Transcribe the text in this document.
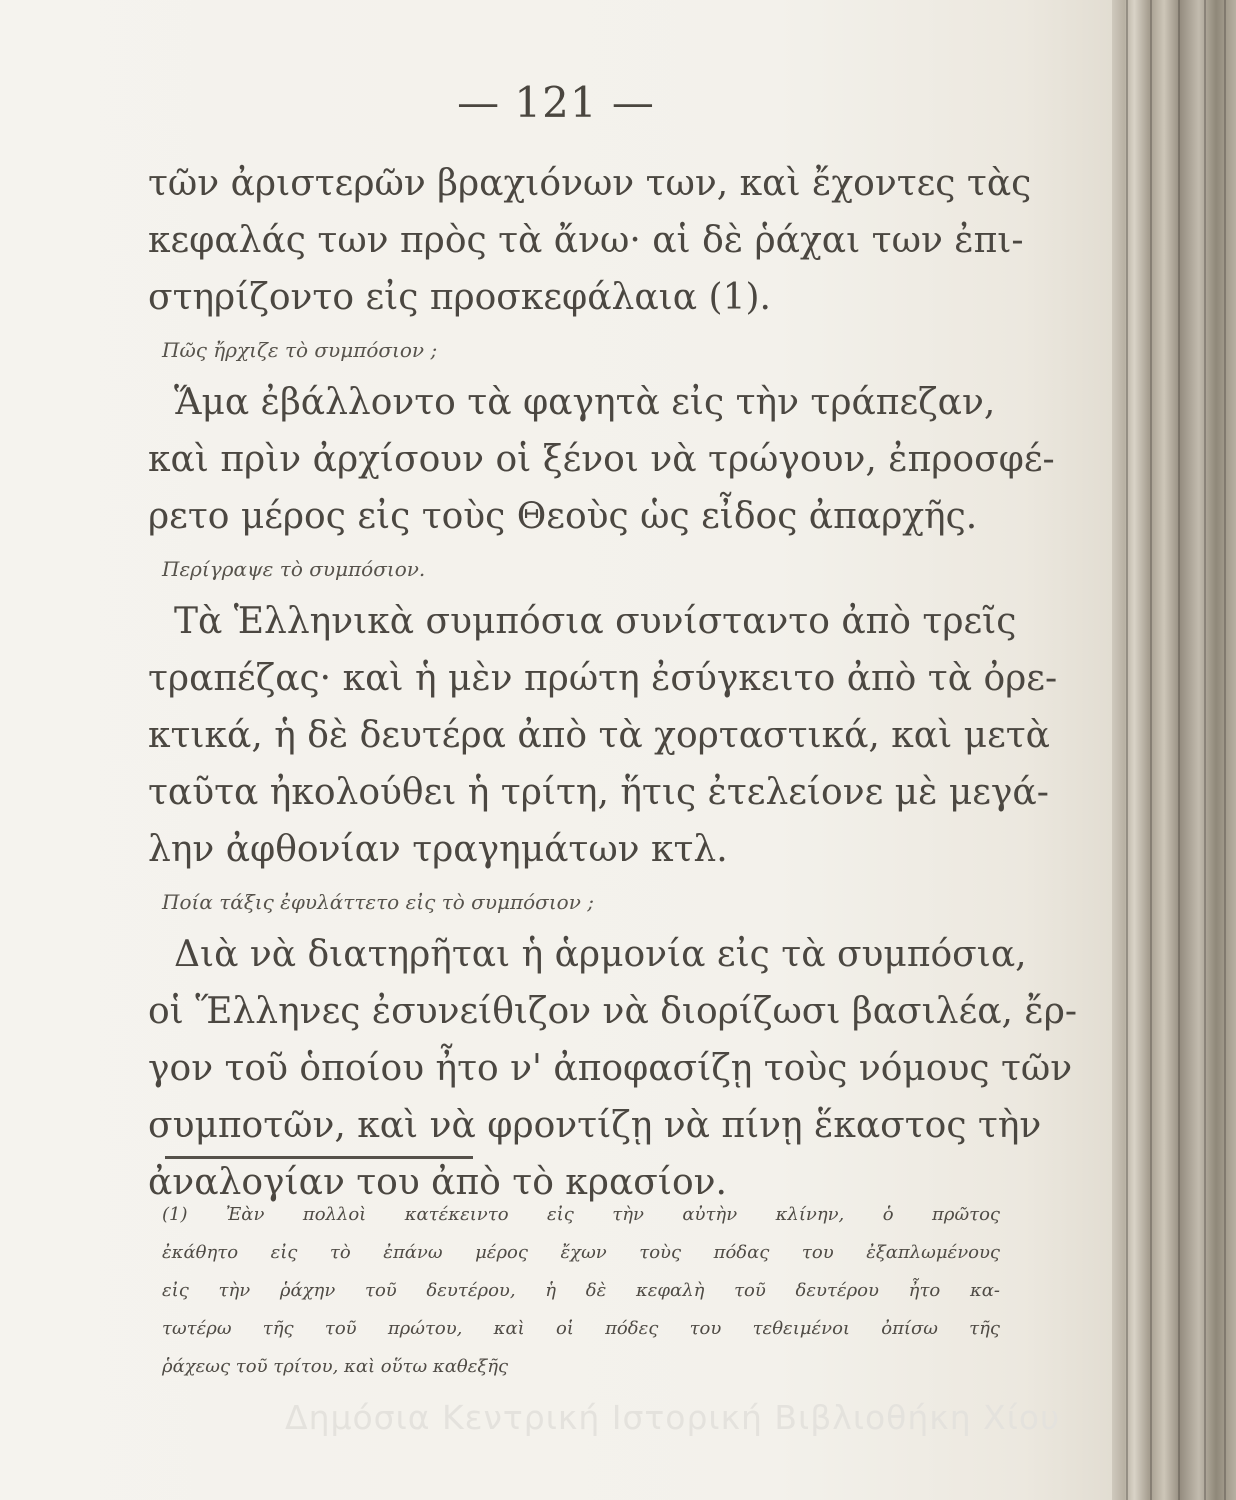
— 121 —
τῶν ἀριστερῶν βραχιόνων των, καὶ ἔχοντες τὰς
κεφαλάς των πρὸς τὰ ἄνω· αἱ δὲ ῥάχαι των ἐπι-
στηρίζοντο εἰς προσκεφάλαια (1).
Πῶς ἤρχιζε τὸ συμπόσιον ;
Ἅμα ἐβάλλοντο τὰ φαγητὰ εἰς τὴν τράπεζαν,
καὶ πρὶν ἀρχίσουν οἱ ξένοι νὰ τρώγουν, ἐπροσφέ-
ρετο μέρος εἰς τοὺς Θεοὺς ὡς εἶδος ἀπαρχῆς.
Περίγραψε τὸ συμπόσιον.
Τὰ Ἑλληνικὰ συμπόσια συνίσταντο ἀπὸ τρεῖς
τραπέζας· καὶ ἡ μὲν πρώτη ἐσύγκειτο ἀπὸ τὰ ὀρε-
κτικά, ἡ δὲ δευτέρα ἀπὸ τὰ χορταστικά, καὶ μετὰ
ταῦτα ἠκολούθει ἡ τρίτη, ἥτις ἐτελείονε μὲ μεγά-
λην ἀφθονίαν τραγημάτων κτλ.
Ποία τάξις ἐφυλάττετο εἰς τὸ συμπόσιον ;
Διὰ νὰ διατηρῆται ἡ ἁρμονία εἰς τὰ συμπόσια,
οἱ Ἕλληνες ἐσυνείθιζον νὰ διορίζωσι βασιλέα, ἔρ-
γον τοῦ ὁποίου ἦτο ν' ἀποφασίζῃ τοὺς νόμους τῶν
συμποτῶν, καὶ νὰ φροντίζῃ νὰ πίνῃ ἕκαστος τὴν
ἀναλογίαν του ἀπὸ τὸ κρασίον.
(1) Ἐὰν πολλοὶ κατέκειντο εἰς τὴν αὐτὴν κλίνην, ὁ πρῶτος
ἐκάθητο εἰς τὸ ἐπάνω μέρος ἔχων τοὺς πόδας του ἐξαπλωμένους
εἰς τὴν ῥάχην τοῦ δευτέρου, ἡ δὲ κεφαλὴ τοῦ δευτέρου ἦτο κα-
τωτέρω τῆς τοῦ πρώτου, καὶ οἱ πόδες του τεθειμένοι ὀπίσω τῆς
ῥάχεως τοῦ τρίτου, καὶ οὕτω καθεξῆς
Δημόσια Κεντρική Ιστορική Βιβλιοθήκη Χίου
